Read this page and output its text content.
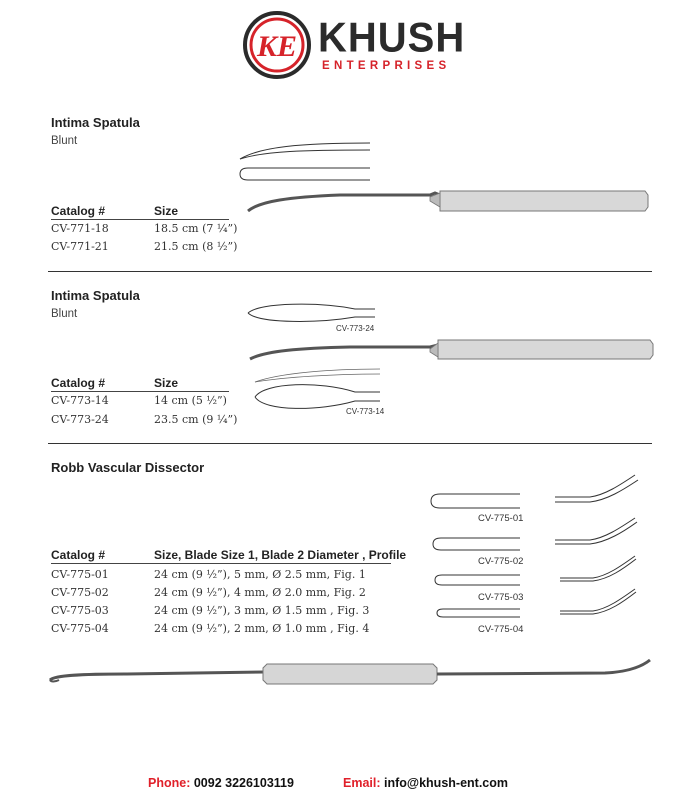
KE KHUSH
ENTERPRISES
Intima Spatula
Blunt
Catalog #	Size
CV-771-18	18.5 cm (7 ¼”)
CV-771-21	21.5 cm (8 ½”)
Intima Spatula
Blunt
Catalog #	Size
CV-773-14	14 cm (5 ½”)
CV-773-24	23.5 cm (9 ¼”)
CV-773-24
CV-773-14
Robb Vascular Dissector
Catalog #	Size, Blade Size 1, Blade 2 Diameter , Profile
CV-775-01	24 cm (9 ½”), 5 mm, Ø 2.5 mm, Fig. 1
CV-775-02	24 cm (9 ½”), 4 mm, Ø 2.0 mm, Fig. 2
CV-775-03	24 cm (9 ½”), 3 mm, Ø 1.5 mm , Fig. 3
CV-775-04	24 cm (9 ½”), 2 mm, Ø 1.0 mm , Fig. 4
CV-775-01
CV-775-02
CV-775-03
CV-775-04
Phone: 0092 3226103119	Email: info@khush-ent.com
